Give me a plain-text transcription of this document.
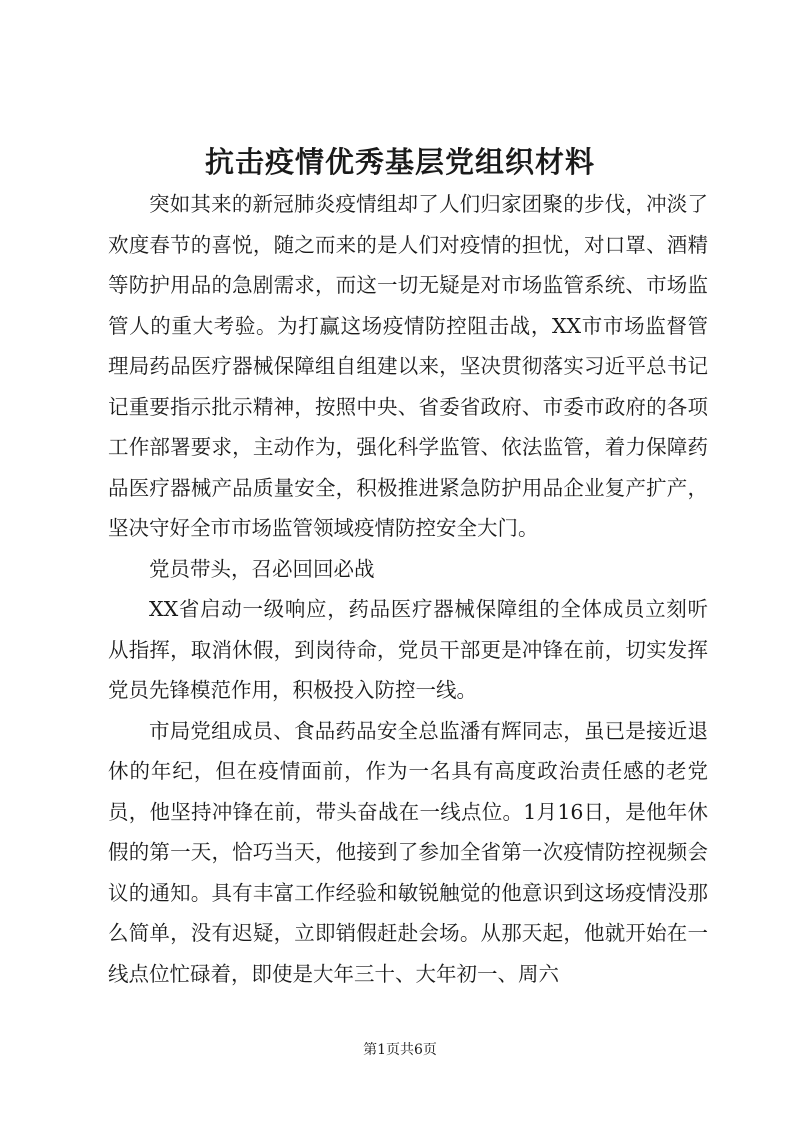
抗击疫情优秀基层党组织材料

突如其来的新冠肺炎疫情组却了人们归家团聚的步伐，冲淡了欢度春节的喜悦，随之而来的是人们对疫情的担忧，对口罩、酒精等防护用品的急剧需求，而这一切无疑是对市场监管系统、市场监管人的重大考验。为打赢这场疫情防控阻击战，XX市市场监督管理局药品医疗器械保障组自组建以来，坚决贯彻落实习近平总书记记重要指示批示精神，按照中央、省委省政府、市委市政府的各项工作部署要求，主动作为，强化科学监管、依法监管，着力保障药品医疗器械产品质量安全，积极推进紧急防护用品企业复产扩产，坚决守好全市市场监管领域疫情防控安全大门。

党员带头，召必回回必战

XX省启动一级响应，药品医疗器械保障组的全体成员立刻听从指挥，取消休假，到岗待命，党员干部更是冲锋在前，切实发挥党员先锋模范作用，积极投入防控一线。

市局党组成员、食品药品安全总监潘有辉同志，虽已是接近退休的年纪，但在疫情面前，作为一名具有高度政治责任感的老党员，他坚持冲锋在前，带头奋战在一线点位。1月16日，是他年休假的第一天，恰巧当天，他接到了参加全省第一次疫情防控视频会议的通知。具有丰富工作经验和敏锐触觉的他意识到这场疫情没那么简单，没有迟疑，立即销假赶赴会场。从那天起，他就开始在一线点位忙碌着，即使是大年三十、大年初一、周六

第1页共6页
